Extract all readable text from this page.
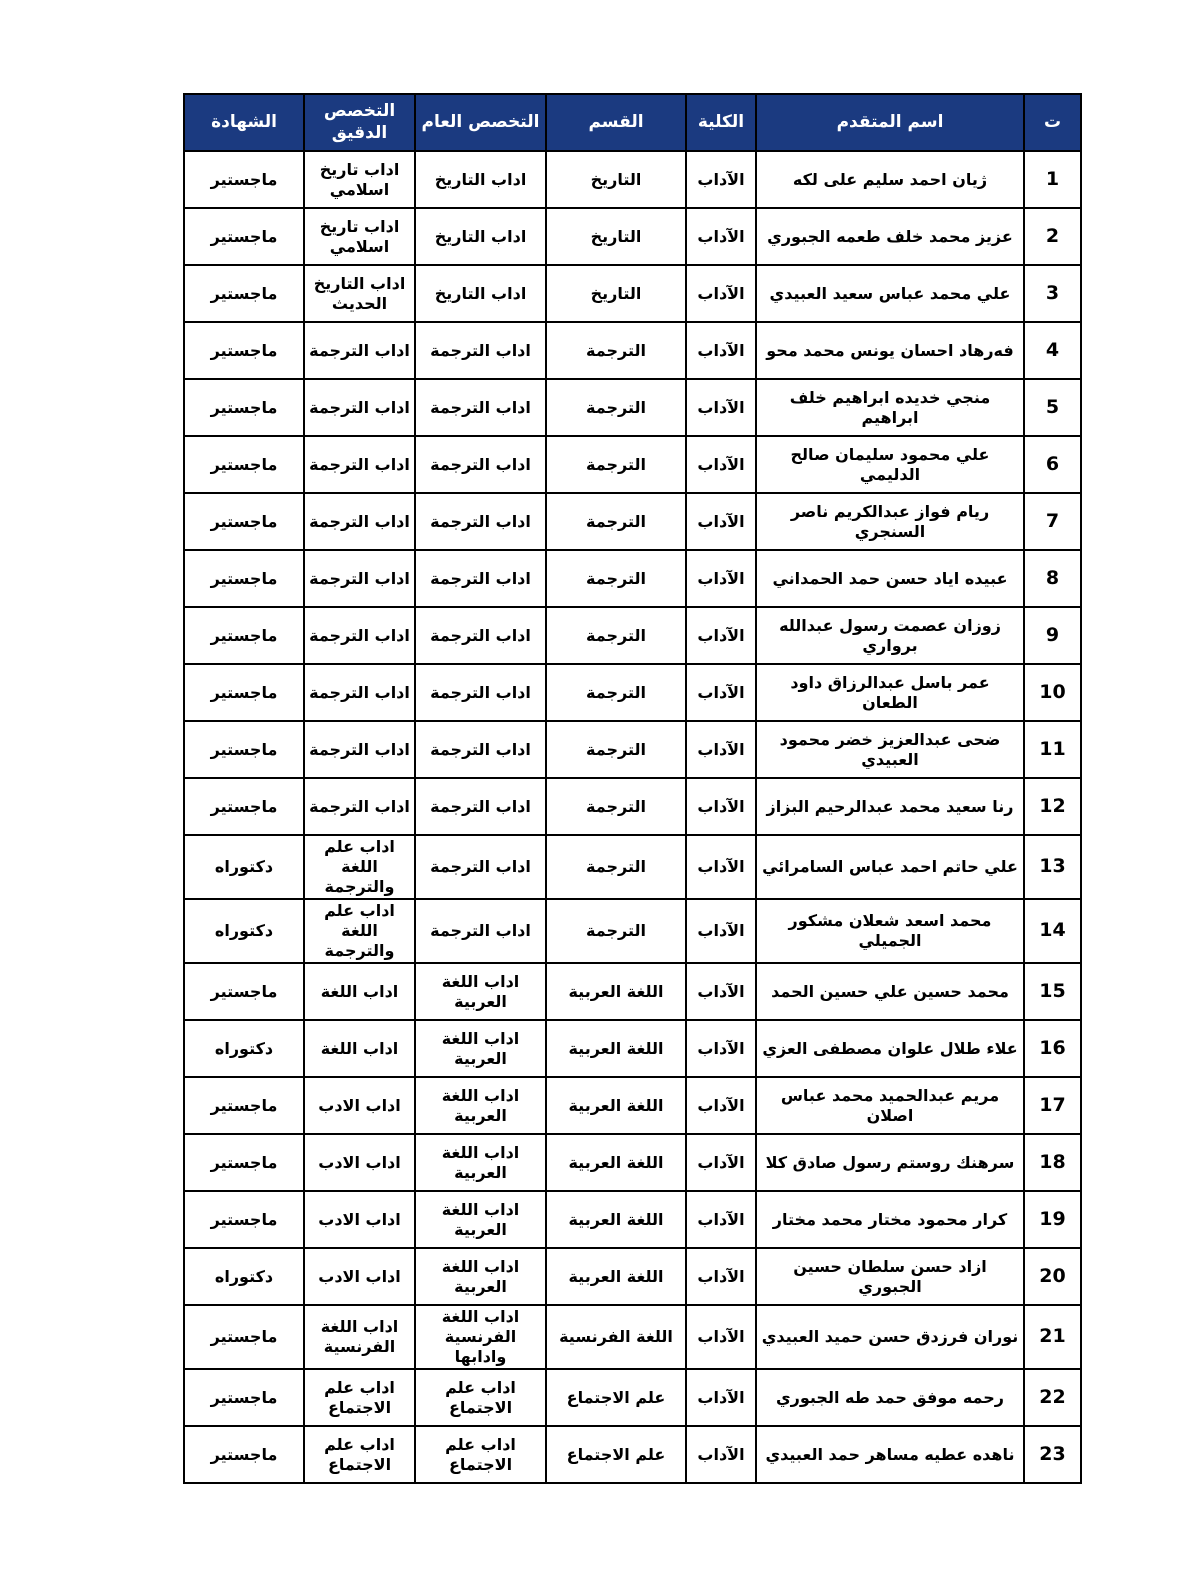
ت	اسم المتقدم	الكلية	القسم	التخصص العام	التخصص الدقيق	الشهادة
1	ژيان احمد سليم على لكه	الآداب	التاريخ	اداب التاريخ	اداب تاريخ اسلامي	ماجستير
2	عزيز محمد خلف طعمه الجبوري	الآداب	التاريخ	اداب التاريخ	اداب تاريخ اسلامي	ماجستير
3	علي محمد عباس سعيد العبيدي	الآداب	التاريخ	اداب التاريخ	اداب التاريخ الحديث	ماجستير
4	فه‌رهاد احسان يونس محمد محو	الآداب	الترجمة	اداب الترجمة	اداب الترجمة	ماجستير
5	منجي خديده ابراهيم خلف ابراهيم	الآداب	الترجمة	اداب الترجمة	اداب الترجمة	ماجستير
6	علي محمود سليمان صالح الدليمي	الآداب	الترجمة	اداب الترجمة	اداب الترجمة	ماجستير
7	ريام فواز عبدالكريم ناصر السنجري	الآداب	الترجمة	اداب الترجمة	اداب الترجمة	ماجستير
8	عبيده اياد حسن حمد الحمداني	الآداب	الترجمة	اداب الترجمة	اداب الترجمة	ماجستير
9	زوزان عصمت رسول عبدالله برواري	الآداب	الترجمة	اداب الترجمة	اداب الترجمة	ماجستير
10	عمر باسل عبدالرزاق داود الطعان	الآداب	الترجمة	اداب الترجمة	اداب الترجمة	ماجستير
11	ضحى عبدالعزيز خضر محمود العبيدي	الآداب	الترجمة	اداب الترجمة	اداب الترجمة	ماجستير
12	رنا سعيد محمد عبدالرحيم البزاز	الآداب	الترجمة	اداب الترجمة	اداب الترجمة	ماجستير
13	علي حاتم احمد عباس السامرائي	الآداب	الترجمة	اداب الترجمة	اداب علم اللغة والترجمة	دكتوراه
14	محمد اسعد شعلان مشكور الجميلي	الآداب	الترجمة	اداب الترجمة	اداب علم اللغة والترجمة	دكتوراه
15	محمد حسين علي حسين الحمد	الآداب	اللغة العربية	اداب اللغة العربية	اداب اللغة	ماجستير
16	علاء طلال علوان مصطفى العزي	الآداب	اللغة العربية	اداب اللغة العربية	اداب اللغة	دكتوراه
17	مريم عبدالحميد محمد عباس اصلان	الآداب	اللغة العربية	اداب اللغة العربية	اداب الادب	ماجستير
18	سرهنك روستم رسول صادق كلا	الآداب	اللغة العربية	اداب اللغة العربية	اداب الادب	ماجستير
19	كرار محمود مختار محمد مختار	الآداب	اللغة العربية	اداب اللغة العربية	اداب الادب	ماجستير
20	ازاد حسن سلطان حسين الجبوري	الآداب	اللغة العربية	اداب اللغة العربية	اداب الادب	دكتوراه
21	نوران فرزدق حسن حميد العبيدي	الآداب	اللغة الفرنسية	اداب اللغة الفرنسية وادابها	اداب اللغة الفرنسية	ماجستير
22	رحمه موفق حمد طه الجبوري	الآداب	علم الاجتماع	اداب علم الاجتماع	اداب علم الاجتماع	ماجستير
23	ناهده عطيه مساهر حمد العبيدي	الآداب	علم الاجتماع	اداب علم الاجتماع	اداب علم الاجتماع	ماجستير
